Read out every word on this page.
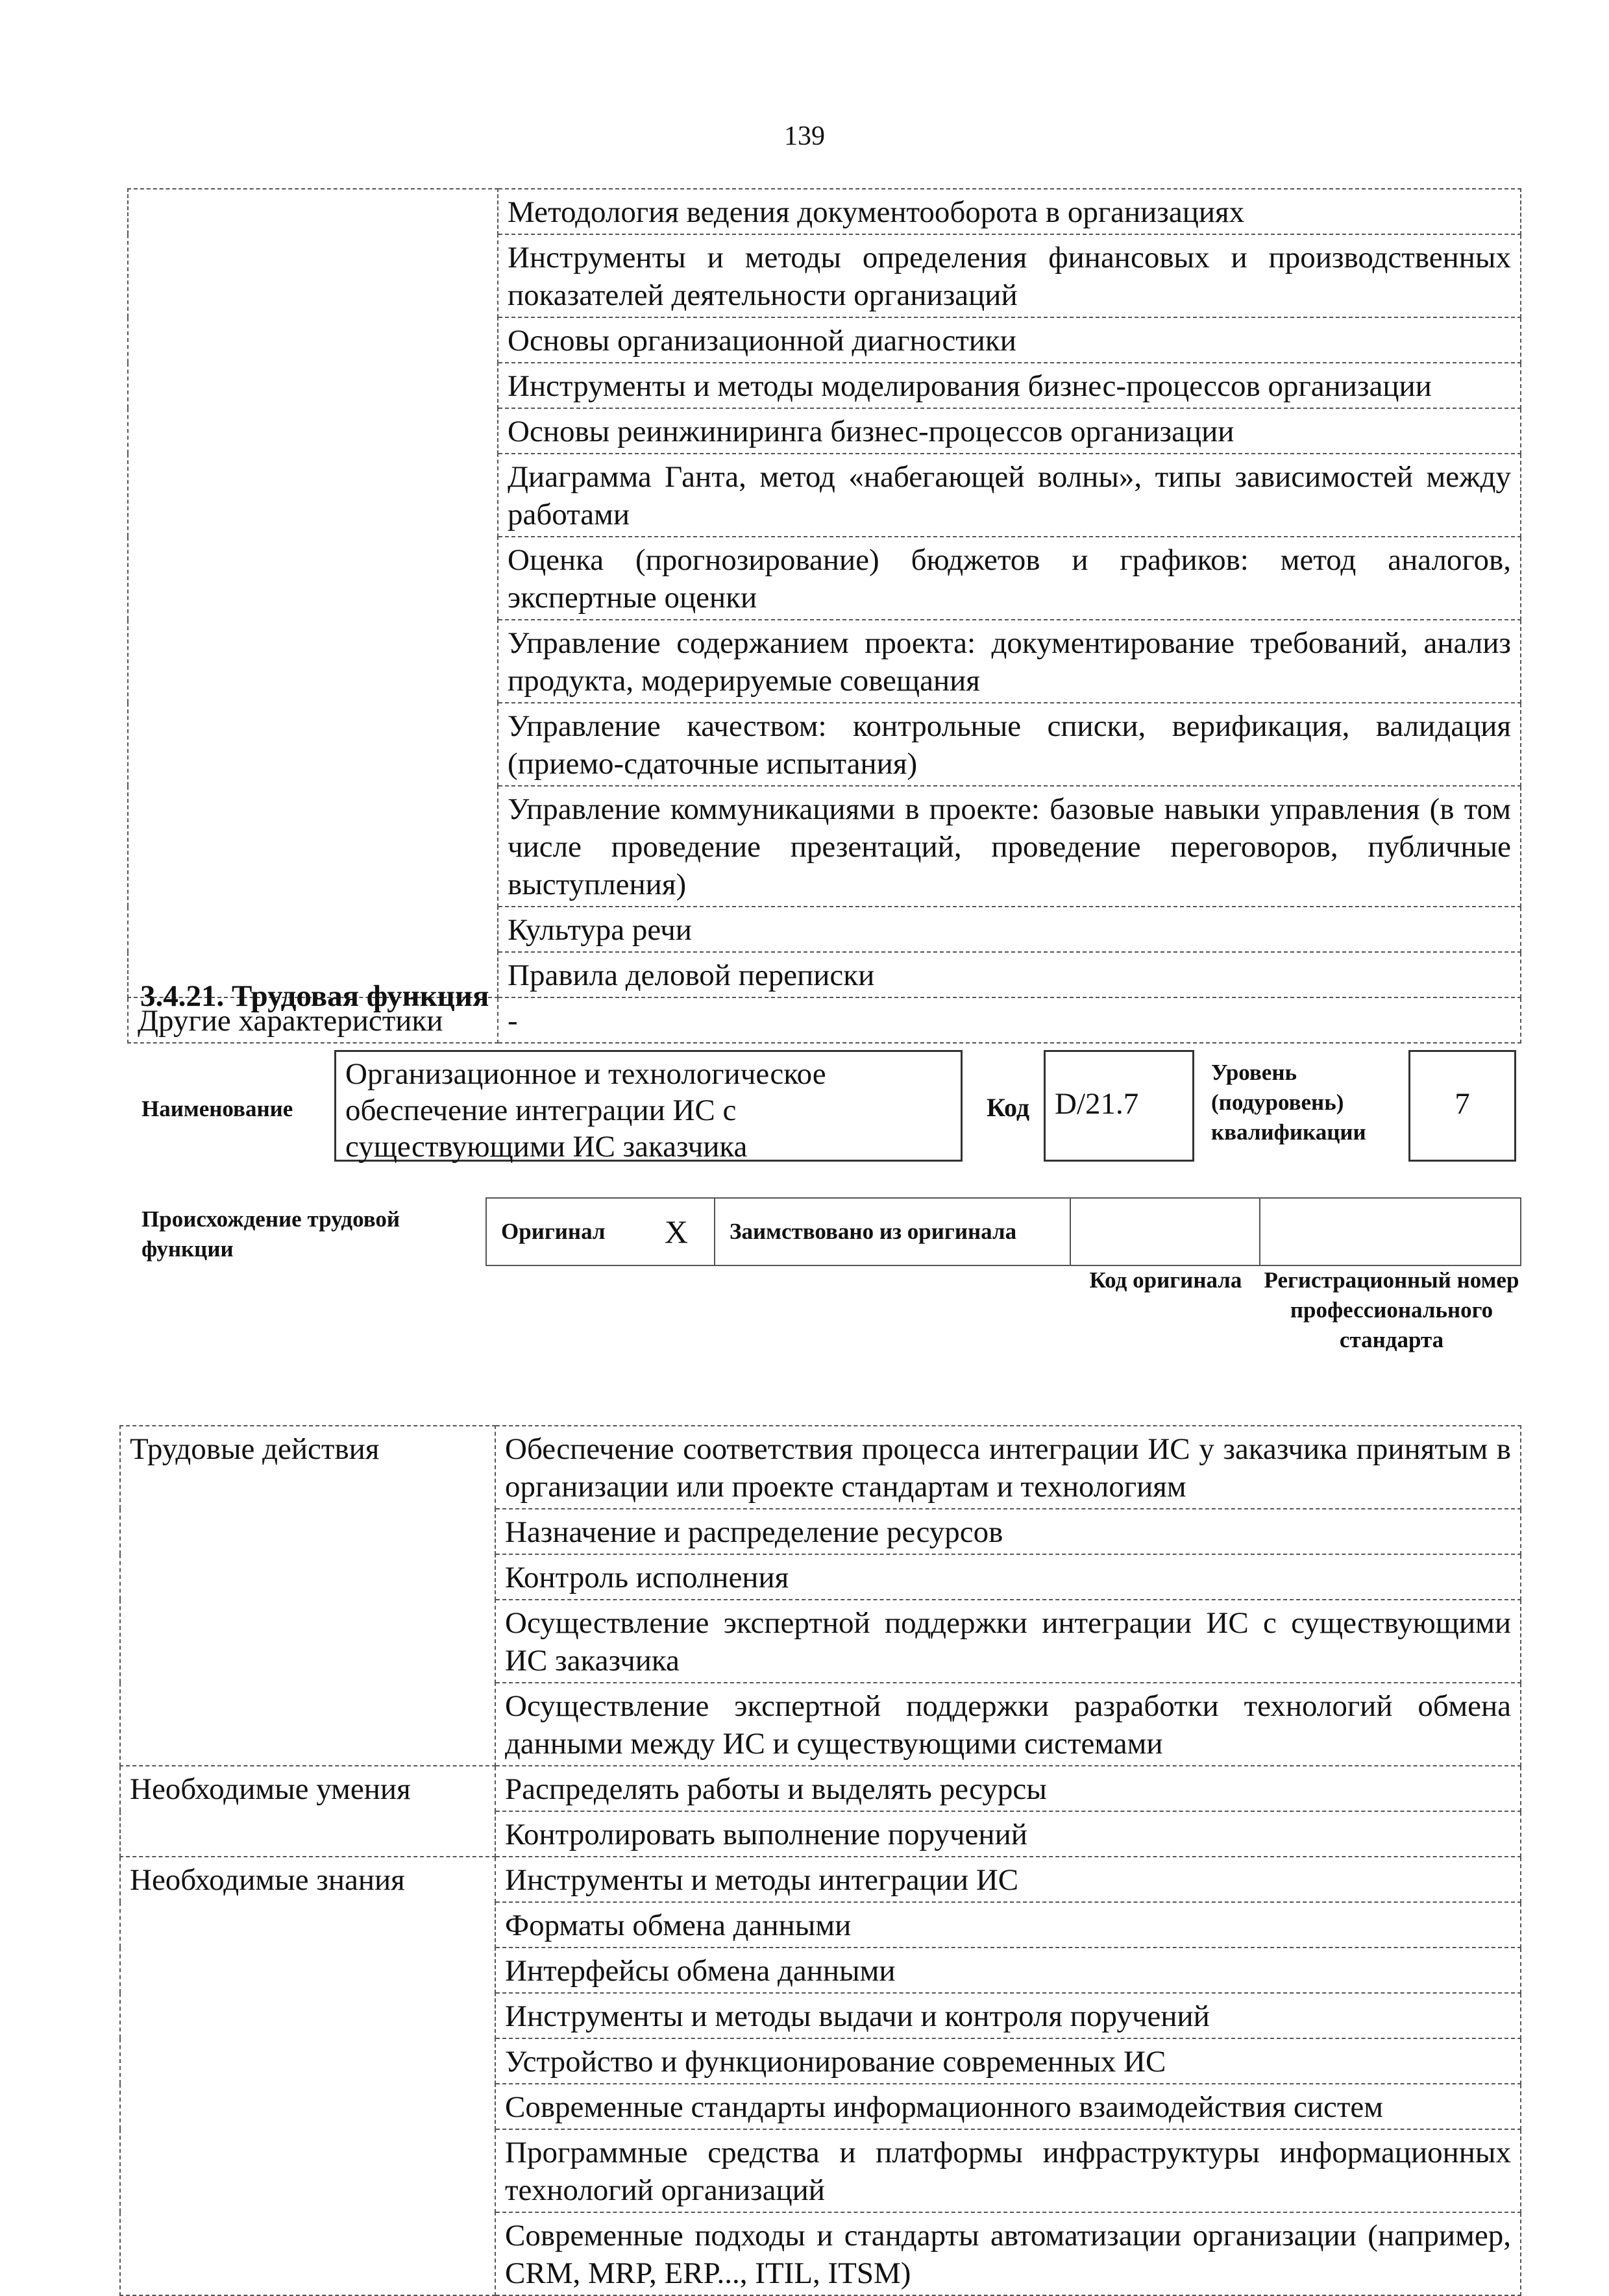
139
	Методология ведения документооборота в организациях
	Инструменты и методы определения финансовых и производственных показателей деятельности организаций
	Основы организационной диагностики
	Инструменты и методы моделирования бизнес-процессов организации
	Основы реинжиниринга бизнес-процессов организации
	Диаграмма Ганта, метод «набегающей волны», типы зависимостей между работами
	Оценка (прогнозирование) бюджетов и графиков: метод аналогов, экспертные оценки
	Управление содержанием проекта: документирование требований, анализ продукта, модерируемые совещания
	Управление качеством: контрольные списки, верификация, валидация (приемо-сдаточные испытания)
	Управление коммуникациями в проекте: базовые навыки управления (в том числе проведение презентаций, проведение переговоров, публичные выступления)
	Культура речи
	Правила деловой переписки
Другие характеристики	-
3.4.21. Трудовая функция
Наименование
Организационное и технологическое обеспечение интеграции ИС с существующими ИС заказчика
Код D/21.7
Уровень (подуровень) квалификации
7
Происхождение трудовой функции
Оригинал X	Заимствовано из оригинала
Код оригинала Регистрационный номер профессионального стандарта
Трудовые действия	Обеспечение соответствия процесса интеграции ИС у заказчика принятым в организации или проекте стандартам и технологиям
	Назначение и распределение ресурсов
	Контроль исполнения
	Осуществление экспертной поддержки интеграции ИС с существующими ИС заказчика
	Осуществление экспертной поддержки разработки технологий обмена данными между ИС и существующими системами
Необходимые умения	Распределять работы и выделять ресурсы
	Контролировать выполнение поручений
Необходимые знания	Инструменты и методы интеграции ИС
	Форматы обмена данными
	Интерфейсы обмена данными
	Инструменты и методы выдачи и контроля поручений
	Устройство и функционирование современных ИС
	Современные стандарты информационного взаимодействия систем
	Программные средства и платформы инфраструктуры информационных технологий организаций
	Современные подходы и стандарты автоматизации организации (например, CRM, MRP, ERP..., ITIL, ITSM)
